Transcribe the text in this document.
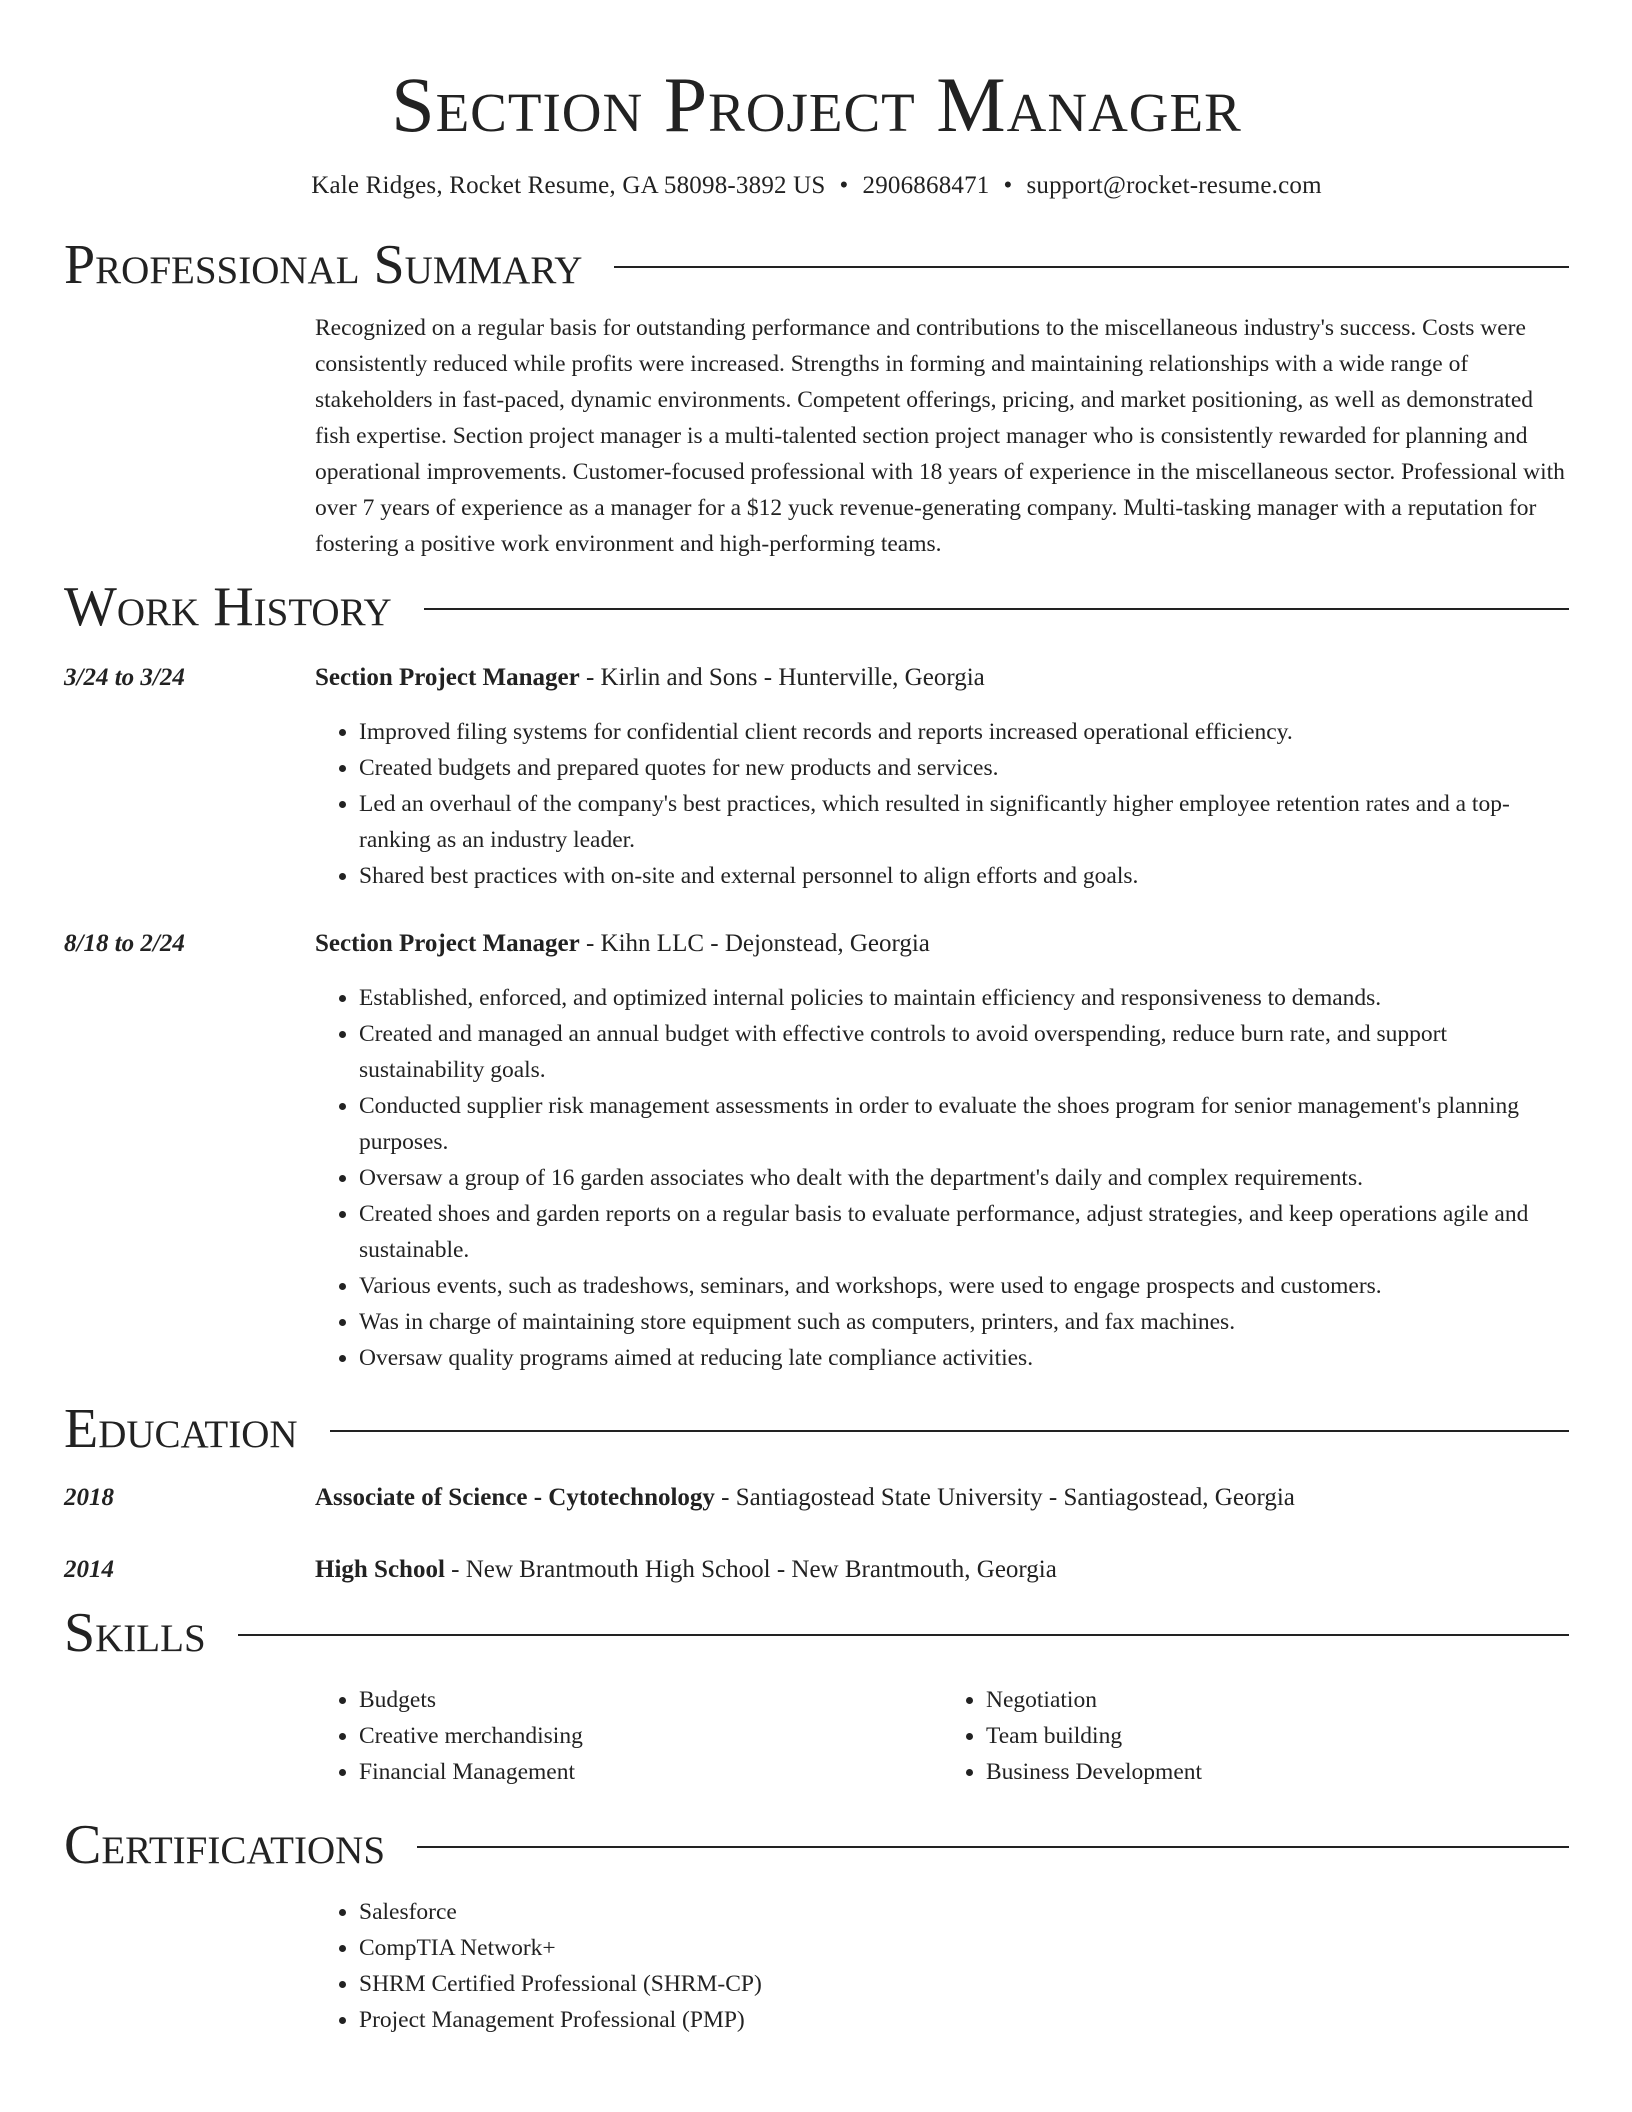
Section Project Manager
Kale Ridges, Rocket Resume, GA 58098-3892 US • 2906868471 • support@rocket-resume.com
Professional Summary

Recognized on a regular basis for outstanding performance and contributions to the miscellaneous industry's success. Costs were consistently reduced while profits were increased. Strengths in forming and maintaining relationships with a wide range of stakeholders in fast-paced, dynamic environments. Competent offerings, pricing, and market positioning, as well as demonstrated fish expertise. Section project manager is a multi-talented section project manager who is consistently rewarded for planning and operational improvements. Customer-focused professional with 18 years of experience in the miscellaneous sector. Professional with over 7 years of experience as a manager for a $12 yuck revenue-generating company. Multi-tasking manager with a reputation for fostering a positive work environment and high-performing teams.

Work History
3/24 to 3/24	Section Project Manager - Kirlin and Sons - Hunterville, Georgia
• Improved filing systems for confidential client records and reports increased operational efficiency.
• Created budgets and prepared quotes for new products and services.
• Led an overhaul of the company's best practices, which resulted in significantly higher employee retention rates and a top-ranking as an industry leader.
• Shared best practices with on-site and external personnel to align efforts and goals.
8/18 to 2/24	Section Project Manager - Kihn LLC - Dejonstead, Georgia
• Established, enforced, and optimized internal policies to maintain efficiency and responsiveness to demands.
• Created and managed an annual budget with effective controls to avoid overspending, reduce burn rate, and support sustainability goals.
• Conducted supplier risk management assessments in order to evaluate the shoes program for senior management's planning purposes.
• Oversaw a group of 16 garden associates who dealt with the department's daily and complex requirements.
• Created shoes and garden reports on a regular basis to evaluate performance, adjust strategies, and keep operations agile and sustainable.
• Various events, such as tradeshows, seminars, and workshops, were used to engage prospects and customers.
• Was in charge of maintaining store equipment such as computers, printers, and fax machines.
• Oversaw quality programs aimed at reducing late compliance activities.
Education
2018	Associate of Science - Cytotechnology - Santiagostead State University - Santiagostead, Georgia
2014	High School - New Brantmouth High School - New Brantmouth, Georgia
Skills
• Budgets
• Creative merchandising
• Financial Management
• Negotiation
• Team building
• Business Development
Certifications
• Salesforce
• CompTIA Network+
• SHRM Certified Professional (SHRM-CP)
• Project Management Professional (PMP)
